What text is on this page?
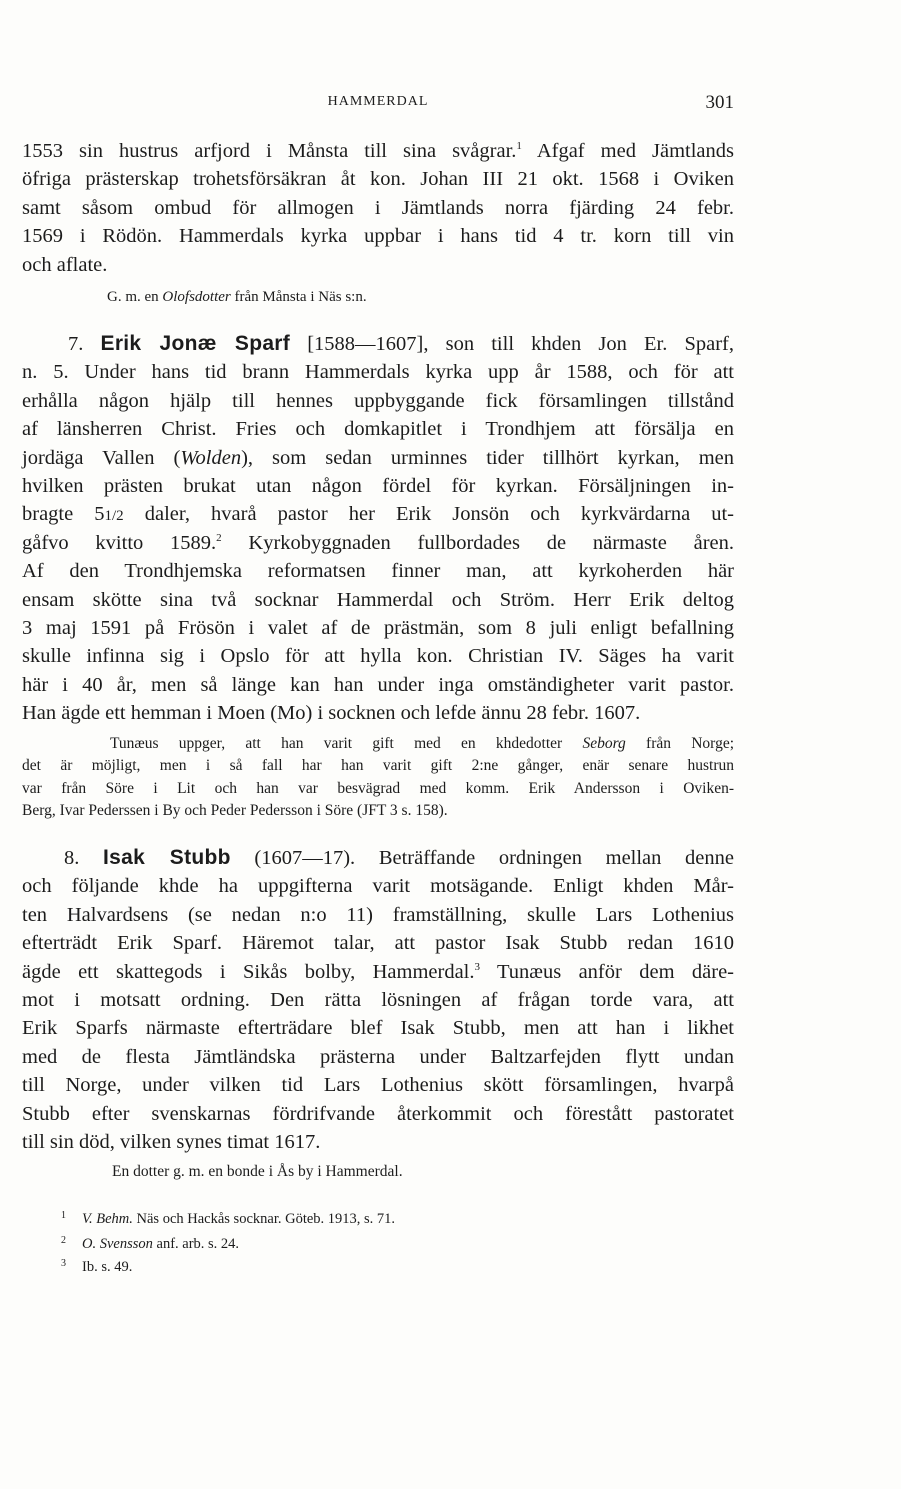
HAMMERDAL	301
1553 sin hustrus arfjord i Månsta till sina svågrar.$^1$ Afgaf med Jämtlands
öfriga prästerskap trohetsförsäkran åt kon. Johan III 21 okt. 1568 i Oviken
samt såsom ombud för allmogen i Jämtlands norra fjärding 24 febr.
1569 i Rödön. Hammerdals kyrka uppbar i hans tid 4 tr. korn till vin
och aflate.
G. m. en Olofsdotter från Månsta i Näs s:n.
7. Erik Jonæ Sparf [1588—1607], son till khden Jon Er. Sparf,
n. 5. Under hans tid brann Hammerdals kyrka upp år 1588, och för att
erhålla någon hjälp till hennes uppbyggande fick församlingen tillstånd
af länsherren Christ. Fries och domkapitlet i Trondhjem att försälja en
jordäga Vallen (Wolden), som sedan urminnes tider tillhört kyrkan, men
hvilken prästen brukat utan någon fördel för kyrkan. Försäljningen in-
bragte 51/2 daler, hvarå pastor her Erik Jonsön och kyrkvärdarna ut-
gåfvo kvitto 1589.$^2$ Kyrkobyggnaden fullbordades de närmaste åren.
Af den Trondhjemska reformatsen finner man, att kyrkoherden här
ensam skötte sina två socknar Hammerdal och Ström. Herr Erik deltog
3 maj 1591 på Frösön i valet af de prästmän, som 8 juli enligt befallning
skulle infinna sig i Opslo för att hylla kon. Christian IV. Säges ha varit
här i 40 år, men så länge kan han under inga omständigheter varit pastor.
Han ägde ett hemman i Moen (Mo) i socknen och lefde ännu 28 febr. 1607.
Tunæus uppger, att han varit gift med en khdedotter Seborg från Norge;
det är möjligt, men i så fall har han varit gift 2:ne gånger, enär senare hustrun
var från Söre i Lit och han var besvägrad med komm. Erik Andersson i Oviken-
Berg, Ivar Pederssen i By och Peder Pedersson i Söre (JFT 3 s. 158).
8. Isak Stubb (1607—17). Beträffande ordningen mellan denne
och följande khde ha uppgifterna varit motsägande. Enligt khden Mår-
ten Halvardsens (se nedan n:o 11) framställning, skulle Lars Lothenius
efterträdt Erik Sparf. Häremot talar, att pastor Isak Stubb redan 1610
ägde ett skattegods i Sikås bolby, Hammerdal.$^3$ Tunæus anför dem däre-
mot i motsatt ordning. Den rätta lösningen af frågan torde vara, att
Erik Sparfs närmaste efterträdare blef Isak Stubb, men att han i likhet
med de flesta Jämtländska prästerna under Baltzarfejden flytt undan
till Norge, under vilken tid Lars Lothenius skött församlingen, hvarpå
Stubb efter svenskarnas fördrifvande återkommit och förestått pastoratet
till sin död, vilken synes timat 1617.
En dotter g. m. en bonde i Ås by i Hammerdal.
1 V. Behm. Näs och Hackås socknar. Göteb. 1913, s. 71.
2 O. Svensson anf. arb. s. 24.
3 Ib. s. 49.
